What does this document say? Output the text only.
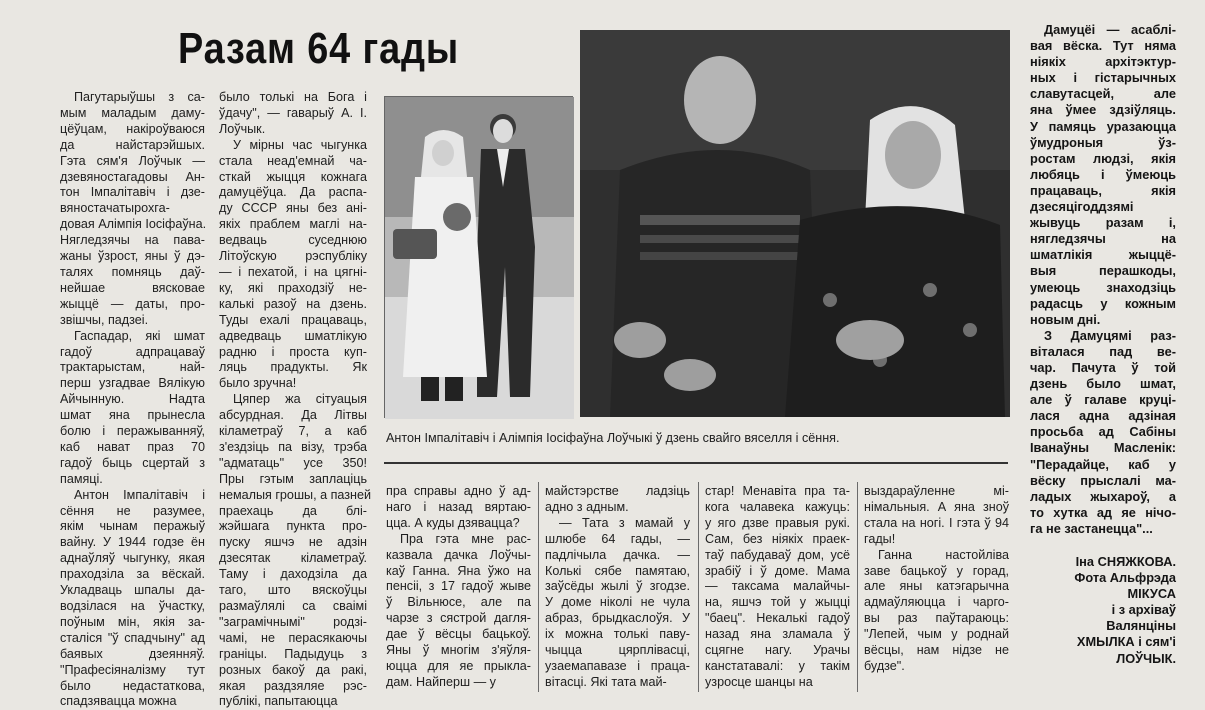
Разам 64 гады
Пагутарыўшы з са-
мым маладым даму-
цёўцам, накіроўваюся
да найстарэйшых.
Гэта сям'я Лоўчык —
дзевяностагадовы Ан-
тон Імпалітавіч і дзе-
вяностачатырохга-
довая Алімпія Іосіфаўна.
Нягледзячы на пава-
жаны ўзрост, яны ў дэ-
талях помняць даў-
нейшае вясковае
жыццё — даты, про-
звішчы, падзеі.
Гаспадар, які шмат
гадоў адпрацаваў
трактарыстам, най-
перш узгадвае Вялікую
Айчынную. Надта
шмат яна прынесла
болю і перажыванняў,
каб нават праз 70
гадоў быць сцертай з
памяці.
Антон Імпалітавіч і
сёння не разумее,
якім чынам перажыў
вайну. У 1944 годзе ён
аднаўляў чыгунку, якая
праходзіла за вёскай.
Укладваць шпалы да-
водзілася на ўчастку,
поўным мін, якія за-
сталіся "ў спадчыну" ад
баявых дзеянняў.
"Прафесіяналізму тут
было недастаткова,
спадзявацца можна
было толькі на Бога і
ўдачу", — гаварыў А. І.
Лоўчык.
У мірны час чыгунка
стала неад'емнай ча-
сткай жыцця кожнага
дамуцёўца. Да распа-
ду СССР яны без ані-
якіх праблем маглі на-
ведваць суседнюю
Літоўскую рэспубліку
— і пехатой, і на цягні-
ку, які праходзіў не-
калькі разоў на дзень.
Туды ехалі працаваць,
адведваць шматлікую
радню і проста куп-
ляць прадукты. Як
было зручна!
Цяпер жа сітуацыя
абсурдная. Да Літвы
кіламетраў 7, а каб
з'ездзіць па візу, трэба
"адматаць" усе 350!
Пры гэтым заплаціць
немалыя грошы, а пазней
праехаць да блі-
жэйшага пункта про-
пуску яшчэ не адзін
дзесятак кіламетраў.
Таму і даходзіла да
таго, што вяскоўцы
размаўлялі са сваімі
"заграмічнымі" родзі-
чамі, не перасякаючы
граніцы. Падыдуць з
розных бакоў да ракі,
якая раздзяляе рэс-
публікі, папытаюцца
Антон Імпалітавіч і Алімпія Іосіфаўна Лоўчыкі ў дзень свайго вяселля і сёння.
пра справы адно ў ад-
наго і назад вяртаю-
цца. А куды дзявацца?
Пра гэта мне рас-
казвала дачка Лоўчы-
каў Ганна. Яна ўжо на
пенсіі, з 17 гадоў жыве
ў Вільнюсе, але па
чарзе з сястрой дагля-
дае ў вёсцы бацькоў.
Яны ў многім з'яўля-
юцца для яе прыкла-
дам. Найперш — у
майстэрстве ладзіць
адно з адным.
— Тата з мамай у
шлюбе 64 гады, —
падлічыла дачка. —
Колькі сябе памятаю,
заўсёды жылі ў згодзе.
У доме ніколі не чула
абраз, брыдкаслоўя. У
іх можна толькі паву-
чыцца цярплівасці,
узаемапавазе і праца-
вітасці. Які тата май-
стар! Менавіта пра та-
кога чалавека кажуць:
у яго дзве правыя рукі.
Сам, без ніякіх праек-
таў пабудаваў дом, усё
зрабіў і ў доме. Мама
— таксама малайчы-
на, яшчэ той у жыцці
"баец". Некалькі гадоў
назад яна зламала ў
сцягне нагу. Урачы
канстатавалі: у такім
узросце шанцы на
выздараўленне мі-
німальныя. А яна зноў
стала на ногі. І гэта ў 94
гады!
Ганна настойліва
заве бацькоў у горад,
але яны катэгарычна
адмаўляюцца і чарго-
вы раз паўтараюць:
"Лепей, чым у роднай
вёсцы, нам нідзе не
будзе".
Дамуцёі — асаблі-
вая вёска. Тут няма
ніякіх архітэктур-
ных і гістарычных
славутасцей, але
яна ўмее здзіўляць.
У памяць уразаюцца
ўмудроныя ўз-
ростам людзі, якія
любяць і ўмеюць
працаваць, якія
дзесяцігоддзямі
жывуць разам і,
нягледзячы на
шматлікія жыццё-
выя перашкоды,
умеюць знаходзіць
радасць у кожным
новым дні.
З Дамуцямі раз-
віталася пад ве-
чар. Пачута ў той
дзень было шмат,
але ў галаве круці-
лася адна адзіная
просьба ад Сабіны
Іванаўны Масленік:
"Перадайце, каб у
вёску прыслалі ма-
ладых жыхароў, а
то хутка ад яе нічо-
га не застанецца"...
Іна СНЯЖКОВА.
Фота Альфрэда
МІКУСА
і з архіваў
Валянціны
ХМЫЛКА і сям'і
ЛОЎЧЫК.
